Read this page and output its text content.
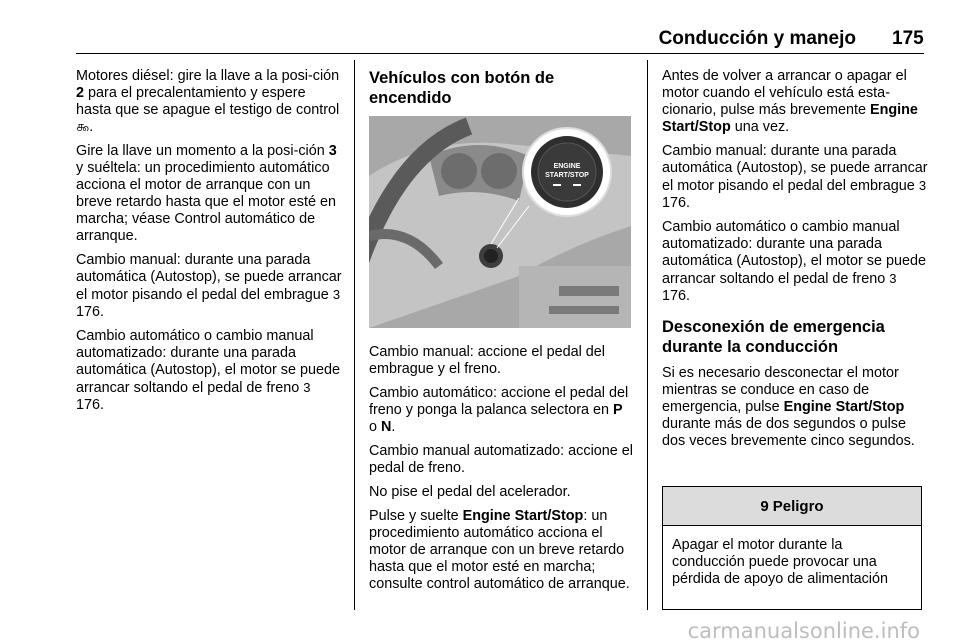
Conducción y manejo 175

Motores diésel: gire la llave a la posi-ción 2 para el precalentamiento y espere hasta que se apague el testigo de control ௯.

Gire la llave un momento a la posi-ción 3 y suéltela: un procedimiento automático acciona el motor de arranque con un breve retardo hasta que el motor esté en marcha; véase Control automático de arranque.

Cambio manual: durante una parada automática (Autostop), se puede arrancar el motor pisando el pedal del embrague 3 176.

Cambio automático o cambio manual automatizado: durante una parada automática (Autostop), el motor se puede arrancar soltando el pedal de freno 3 176.

Vehículos con botón de encendido
ENGINE
START/STOP

Cambio manual: accione el pedal del embrague y el freno.

Cambio automático: accione el pedal del freno y ponga la palanca selectora en P o N.

Cambio manual automatizado: accione el pedal de freno.

No pise el pedal del acelerador.

Pulse y suelte Engine Start/Stop: un procedimiento automático acciona el motor de arranque con un breve retardo hasta que el motor esté en marcha; consulte control automático de arranque.

Antes de volver a arrancar o apagar el motor cuando el vehículo está esta-cionario, pulse más brevemente Engine Start/Stop una vez.

Cambio manual: durante una parada automática (Autostop), se puede arrancar el motor pisando el pedal del embrague 3 176.

Cambio automático o cambio manual automatizado: durante una parada automática (Autostop), el motor se puede arrancar soltando el pedal de freno 3 176.

Desconexión de emergencia durante la conducción

Si es necesario desconectar el motor mientras se conduce en caso de emergencia, pulse Engine Start/Stop durante más de dos segundos o pulse dos veces brevemente cinco segundos.

9 Peligro
Apagar el motor durante la conducción puede provocar una pérdida de apoyo de alimentación
carmanualsonline.info
